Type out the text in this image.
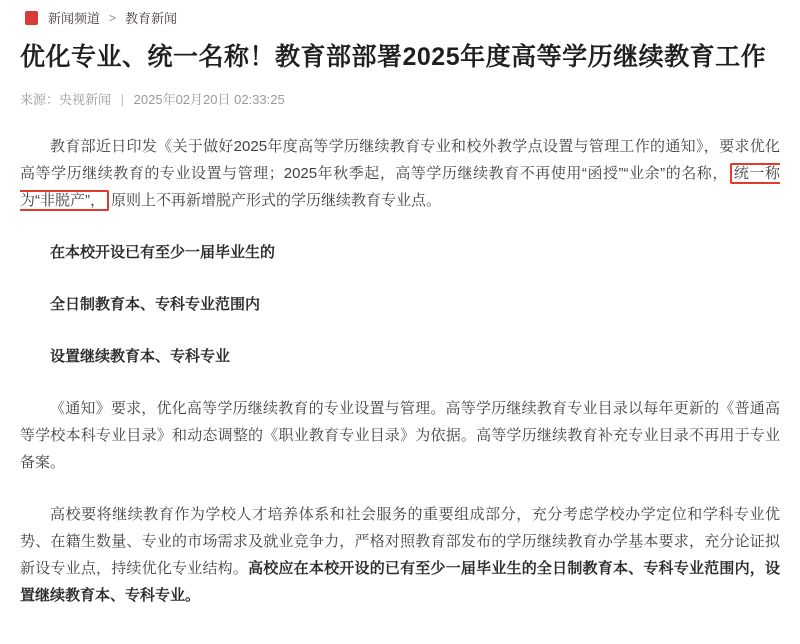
新闻频道 > 教育新闻
优化专业、统一名称！教育部部署2025年度高等学历继续教育工作
来源：央视新闻 | 2025年02月20日 02:33:25

教育部近日印发《关于做好2025年度高等学历继续教育专业和校外教学点设置与管理工作的通知》，要求优化高等学历继续教育的专业设置与管理；2025年秋季起，高等学历继续教育不再使用“函授”“业余”的名称， 统一称为“非脱产”， 原则上不再新增脱产形式的学历继续教育专业点。

在本校开设已有至少一届毕业生的

全日制教育本、专科专业范围内

设置继续教育本、专科专业

《通知》要求，优化高等学历继续教育的专业设置与管理。高等学历继续教育专业目录以每年更新的《普通高等学校本科专业目录》和动态调整的《职业教育专业目录》为依据。高等学历继续教育补充专业目录不再用于专业备案。

高校要将继续教育作为学校人才培养体系和社会服务的重要组成部分，充分考虑学校办学定位和学科专业优势、在籍生数量、专业的市场需求及就业竞争力，严格对照教育部发布的学历继续教育办学基本要求，充分论证拟新设专业点，持续优化专业结构。高校应在本校开设的已有至少一届毕业生的全日制教育本、专科专业范围内，设置继续教育本、专科专业。
